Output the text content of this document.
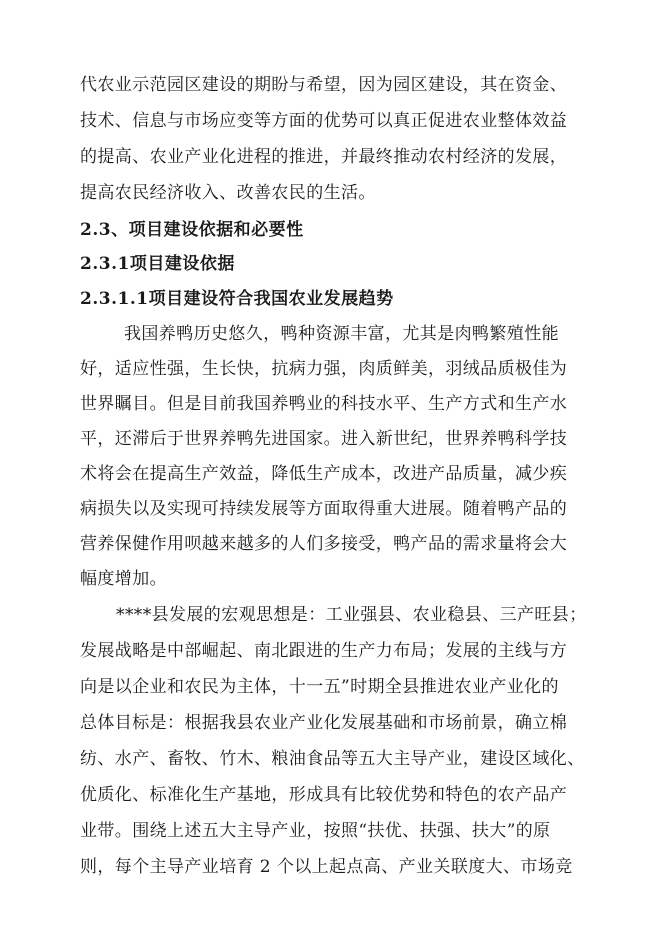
代农业示范园区建设的期盼与希望，因为园区建设，其在资金、
技术、信息与市场应变等方面的优势可以真正促进农业整体效益
的提高、农业产业化进程的推进，并最终推动农村经济的发展，
提高农民经济收入、改善农民的生活。
2.3、项目建设依据和必要性
2.3.1项目建设依据
2.3.1.1项目建设符合我国农业发展趋势
我国养鸭历史悠久，鸭种资源丰富，尤其是肉鸭繁殖性能
好，适应性强，生长快，抗病力强，肉质鲜美，羽绒品质极佳为
世界瞩目。但是目前我国养鸭业的科技水平、生产方式和生产水
平，还滞后于世界养鸭先进国家。进入新世纪，世界养鸭科学技
术将会在提高生产效益，降低生产成本，改进产品质量，减少疾
病损失以及实现可持续发展等方面取得重大进展。随着鸭产品的
营养保健作用呗越来越多的人们多接受，鸭产品的需求量将会大
幅度增加。
****县发展的宏观思想是：工业强县、农业稳县、三产旺县；
发展战略是中部崛起、南北跟进的生产力布局；发展的主线与方
向是以企业和农民为主体，十一五”时期全县推进农业产业化的
总体目标是：根据我县农业产业化发展基础和市场前景，确立棉
纺、水产、畜牧、竹木、粮油食品等五大主导产业，建设区域化、
优质化、标准化生产基地，形成具有比较优势和特色的农产品产
业带。围绕上述五大主导产业，按照“扶优、扶强、扶大”的原
则，每个主导产业培育 2 个以上起点高、产业关联度大、市场竞
